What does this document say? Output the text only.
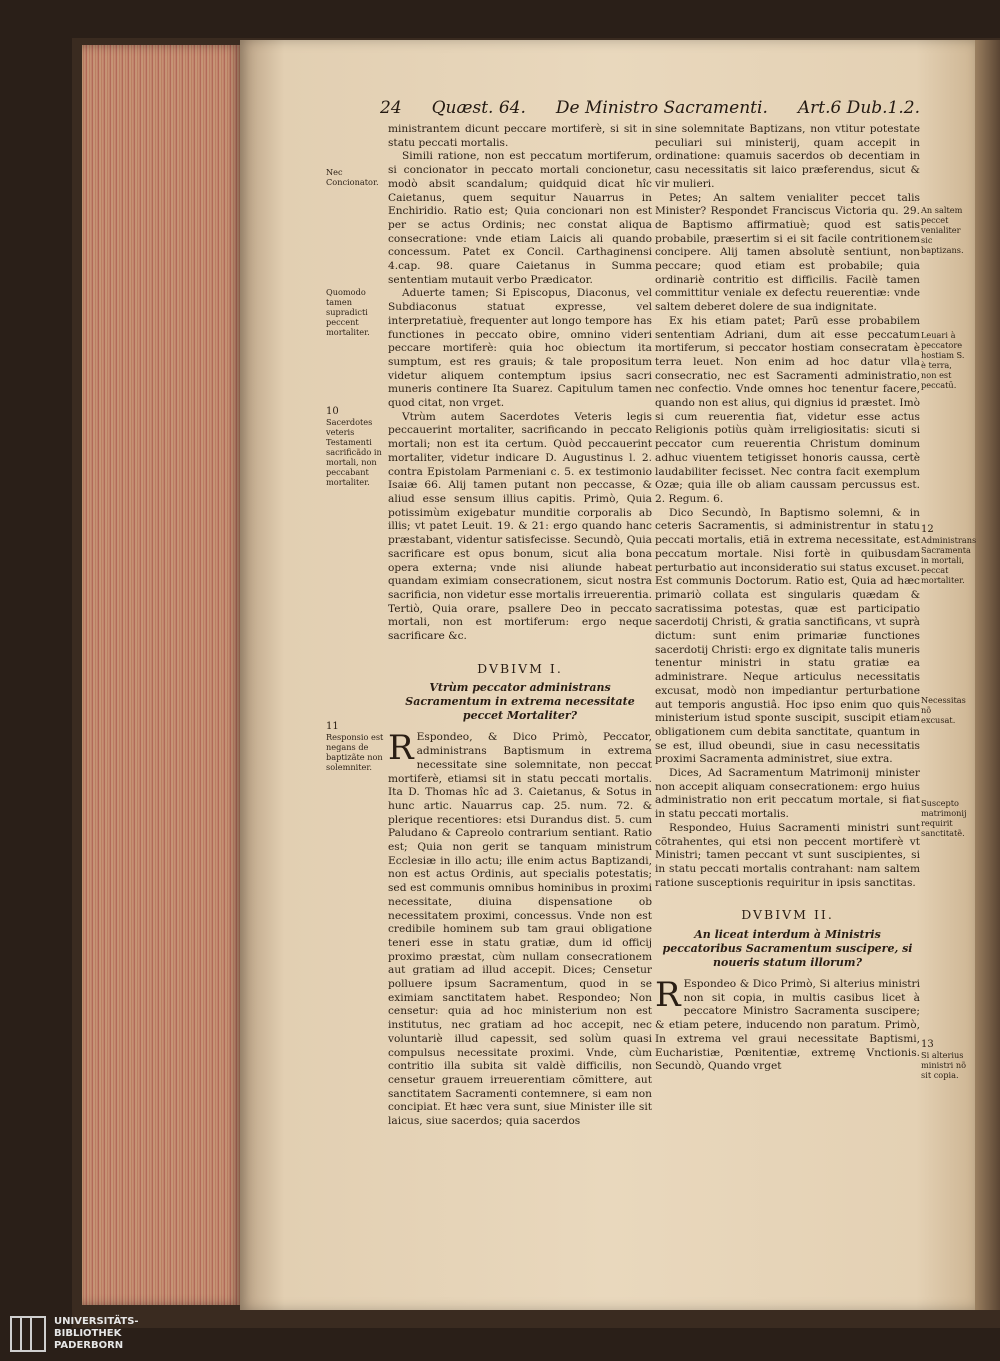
24 Quæst. 64. De Ministro Sacramenti. Art.6 Dub.1.2.

ministrantem dicunt peccare mortiferè, si sit in statu peccati mortalis.

Simili ratione, non est peccatum mortiferum, si concionator in peccato mortali concionetur, modò absit scandalum; quidquid dicat hîc Caietanus, quem sequitur Nauarrus in Enchiridio. Ratio est; Quia concionari non est per se actus Ordinis; nec constat aliqua consecratione: vnde etiam Laicis ali quando concessum. Patet ex Concil. Carthaginensi 4.cap. 98. quare Caietanus in Summa sententiam mutauit verbo Prædicator.

Aduerte tamen; Si Episcopus, Diaconus, vel Subdiaconus statuat expresse, vel interpretatiuè, frequenter aut longo tempore has functiones in peccato obire, omnino videri peccare mortiferè: quia hoc obiectum ita sumptum, est res grauis; & tale propositum videtur aliquem contemptum ipsius sacri muneris continere Ita Suarez. Capitulum tamen quod citat, non vrget.

Vtrùm autem Sacerdotes Veteris legis peccauerint mortaliter, sacrificando in peccato mortali; non est ita certum. Quòd peccauerint mortaliter, videtur indicare D. Augustinus l. 2. contra Epistolam Parmeniani c. 5. ex testimonio Isaiæ 66. Alij tamen putant non peccasse, & aliud esse sensum illius capitis. Primò, Quia potissimùm exigebatur munditie corporalis ab illis; vt patet Leuit. 19. & 21: ergo quando hanc præstabant, videntur satisfecisse. Secundò, Quia sacrificare est opus bonum, sicut alia bona opera externa; vnde nisi aliunde habeat quandam eximiam consecrationem, sicut nostra sacrificia, non videtur esse mortalis irreuerentia. Tertiò, Quia orare, psallere Deo in peccato mortali, non est mortiferum: ergo neque sacrificare &c.

DVBIVM I.
Vtrùm peccator administrans Sacramentum in extrema necessitate peccet Mortaliter?

R Espondeo, & Dico Primò, Peccator, administrans Baptismum in extrema necessitate sine solemnitate, non peccat mortiferè, etiamsi sit in statu peccati mortalis. Ita D. Thomas hîc ad 3. Caietanus, & Sotus in hunc artic. Nauarrus cap. 25. num. 72. & plerique recentiores: etsi Durandus dist. 5. cum Paludano & Capreolo contrarium sentiant. Ratio est; Quia non gerit se tanquam ministrum Ecclesiæ in illo actu; ille enim actus Baptizandi, non est actus Ordinis, aut specialis potestatis; sed est communis omnibus hominibus in proximi necessitate, diuina dispensatione ob necessitatem proximi, concessus. Vnde non est credibile hominem sub tam graui obligatione teneri esse in statu gratiæ, dum id officij proximo præstat, cùm nullam consecrationem aut gratiam ad illud accepit. Dices; Censetur polluere ipsum Sacramentum, quod in se eximiam sanctitatem habet. Respondeo; Non censetur: quia ad hoc ministerium non est institutus, nec gratiam ad hoc accepit, nec voluntariè illud capessit, sed solùm quasi compulsus necessitate proximi. Vnde, cùm contritio illa subita sit valdè difficilis, non censetur grauem irreuerentiam cõmittere, aut sanctitatem Sacramenti contemnere, si eam non concipiat. Et hæc vera sunt, siue Minister ille sit laicus, siue sacerdos; quia sacerdos

sine solemnitate Baptizans, non vtitur potestate peculiari sui ministerij, quam accepit in ordinatione: quamuis sacerdos ob decentiam in casu necessitatis sit laico præferendus, sicut & vir mulieri.

Petes; An saltem venialiter peccet talis Minister? Respondet Franciscus Victoria qu. 29. de Baptismo affirmatiuè; quod est satis probabile, præsertim si ei sit facile contritionem concipere. Alij tamen absolutè sentiunt, non peccare; quod etiam est probabile; quia ordinariè contritio est difficilis. Facilè tamen committitur veniale ex defectu reuerentiæ: vnde saltem deberet dolere de sua indignitate.

Ex his etiam patet; Parū esse probabilem sententiam Adriani, dum ait esse peccatum mortiferum, si peccator hostiam consecratam è terra leuet. Non enim ad hoc datur vlla consecratio, nec est Sacramenti administratio, nec confectio. Vnde omnes hoc tenentur facere, quando non est alius, qui dignius id præstet. Imò si cum reuerentia fiat, videtur esse actus Religionis potiùs quàm irreligiositatis: sicuti si peccator cum reuerentia Christum dominum adhuc viuentem tetigisset honoris caussa, certè laudabiliter fecisset. Nec contra facit exemplum Ozæ; quia ille ob aliam caussam percussus est. 2. Regum. 6.

Dico Secundò, In Baptismo solemni, & in ceteris Sacramentis, si administrentur in statu peccati mortalis, etiã in extrema necessitate, est peccatum mortale. Nisi fortè in quibusdam perturbatio aut inconsideratio sui status excuset. Est communis Doctorum. Ratio est, Quia ad hæc primariò collata est singularis quædam & sacratissima potestas, quæ est participatio sacerdotij Christi, & gratia sanctificans, vt suprà dictum: sunt enim primariæ functiones sacerdotij Christi: ergo ex dignitate talis muneris tenentur ministri in statu gratiæ ea administrare. Neque articulus necessitatis excusat, modò non impediantur perturbatione aut temporis angustiâ. Hoc ipso enim quo quis ministerium istud sponte suscipit, suscipit etiam obligationem cum debita sanctitate, quantum in se est, illud obeundi, siue in casu necessitatis proximi Sacramenta administret, siue extra.

Dices, Ad Sacramentum Matrimonij minister non accepit aliquam consecrationem: ergo huius administratio non erit peccatum mortale, si fiat in statu peccati mortalis.

Respondeo, Huius Sacramenti ministri sunt cõtrahentes, qui etsi non peccent mortiferè vt Ministri; tamen peccant vt sunt suscipientes, si in statu peccati mortalis contrahant: nam saltem ratione susceptionis requiritur in ipsis sanctitas.

DVBIVM II.
An liceat interdum à Ministris peccatoribus Sacramentum suscipere, si noueris statum illorum?

R Espondeo & Dico Primò, Si alterius ministri non sit copia, in multis casibus licet à peccatore Ministro Sacramenta suscipere; & etiam petere, inducendo non paratum. Primò, In extrema vel graui necessitate Baptismi, Eucharistiæ, Pœnitentiæ, extremę Vnctionis. Secundò, Quando vrget

Nec Concionator.
Quomodo tamen supradicti peccent mortaliter.
10
Sacerdotes veteris Testamenti sacrificãdo in mortali, non peccabant mortaliter.
11
Responsio est negans de baptizãte non solemniter.
An saltem peccet venialiter sic baptizans.
Leuari à peccatore hostiam S. è terra, non est peccatū.
12
Administrans Sacramenta in mortali, peccat mortaliter.
Necessitas nõ excusat.
Suscepto matrimonij requirit sanctitatẽ.
13
Si alterius ministri nõ sit copia.
UNIVERSITÄTS-
BIBLIOTHEK
PADERBORN
